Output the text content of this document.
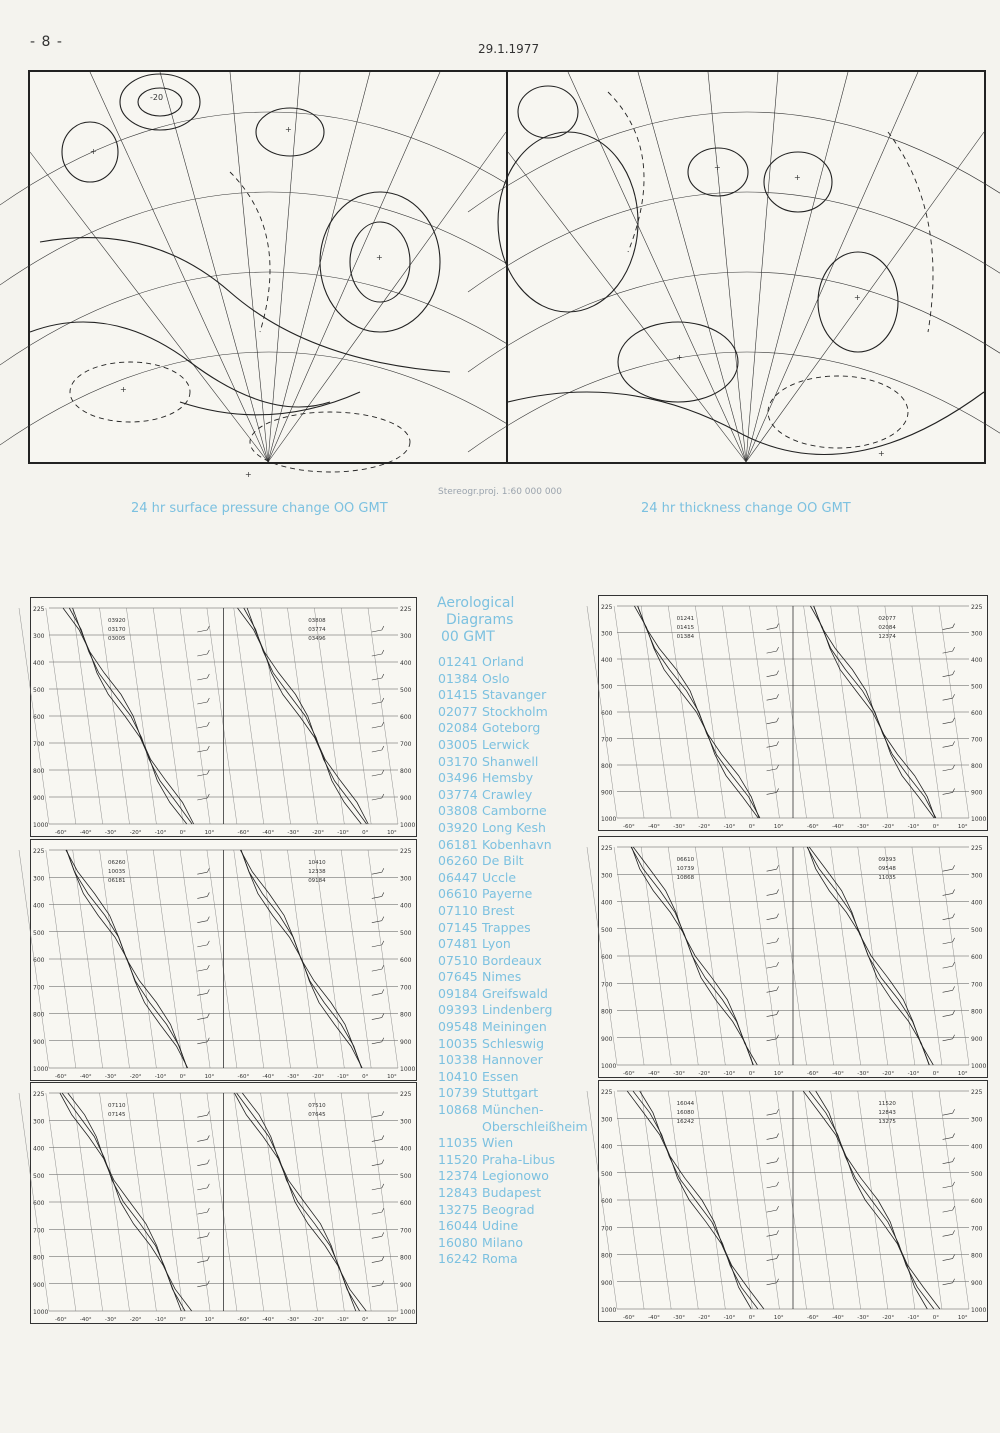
- 8 -	29.1.1977
-20
+
+
+
+
+
+
+
+
+
+
Stereogr.proj. 1:60 000 000
24 hr surface pressure change OO GMT	24 hr thickness change OO GMT
225	225
300	300
400	400
500	500
600	600
700	700
800	800
900	900
1000	1000
-60°	-60°
-40°	-40°
-30°	-30°
-20°	-20°
-10°	-10°
0°	0°
10°	10°
03920
03170
03005
03808
03774
03496
225	225
300	300
400	400
500	500
600	600
700	700
800	800
900	900
1000	1000
-60°	-60°
-40°	-40°
-30°	-30°
-20°	-20°
-10°	-10°
0°	0°
10°	10°
01241
01415
01384
02077
02084
12374
225	225
300	300
400	400
500	500
600	600
700	700
800	800
900	900
1000	1000
-60°	-60°
-40°	-40°
-30°	-30°
-20°	-20°
-10°	-10°
0°	0°
10°	10°
06260
10035
06181
10410
12338
09184
225	225
300	300
400	400
500	500
600	600
700	700
800	800
900	900
1000	1000
-60°	-60°
-40°	-40°
-30°	-30°
-20°	-20°
-10°	-10°
0°	0°
10°	10°
06610
10739
10868
09393
09548
11035
225	225
300	300
400	400
500	500
600	600
700	700
800	800
900	900
1000	1000
-60°	-60°
-40°	-40°
-30°	-30°
-20°	-20°
-10°	-10°
0°	0°
10°	10°
07110
07145
07510
07645
225	225
300	300
400	400
500	500
600	600
700	700
800	800
900	900
1000	1000
-60°	-60°
-40°	-40°
-30°	-30°
-20°	-20°
-10°	-10°
0°	0°
10°	10°
16044
16080
16242
11520
12843
13275
Aerological
Diagrams
00 GMT
01241 Orland
01384 Oslo
01415 Stavanger
02077 Stockholm
02084 Goteborg
03005 Lerwick
03170 Shanwell
03496 Hemsby
03774 Crawley
03808 Camborne
03920 Long Kesh
06181 Kobenhavn
06260 De Bilt
06447 Uccle
06610 Payerne
07110 Brest
07145 Trappes
07481 Lyon
07510 Bordeaux
07645 Nimes
09184 Greifswald
09393 Lindenberg
09548 Meiningen
10035 Schleswig
10338 Hannover
10410 Essen
10739 Stuttgart
10868 München-
Oberschleißheim
11035 Wien
11520 Praha-Libus
12374 Legionowo
12843 Budapest
13275 Beograd
16044 Udine
16080 Milano
16242 Roma
